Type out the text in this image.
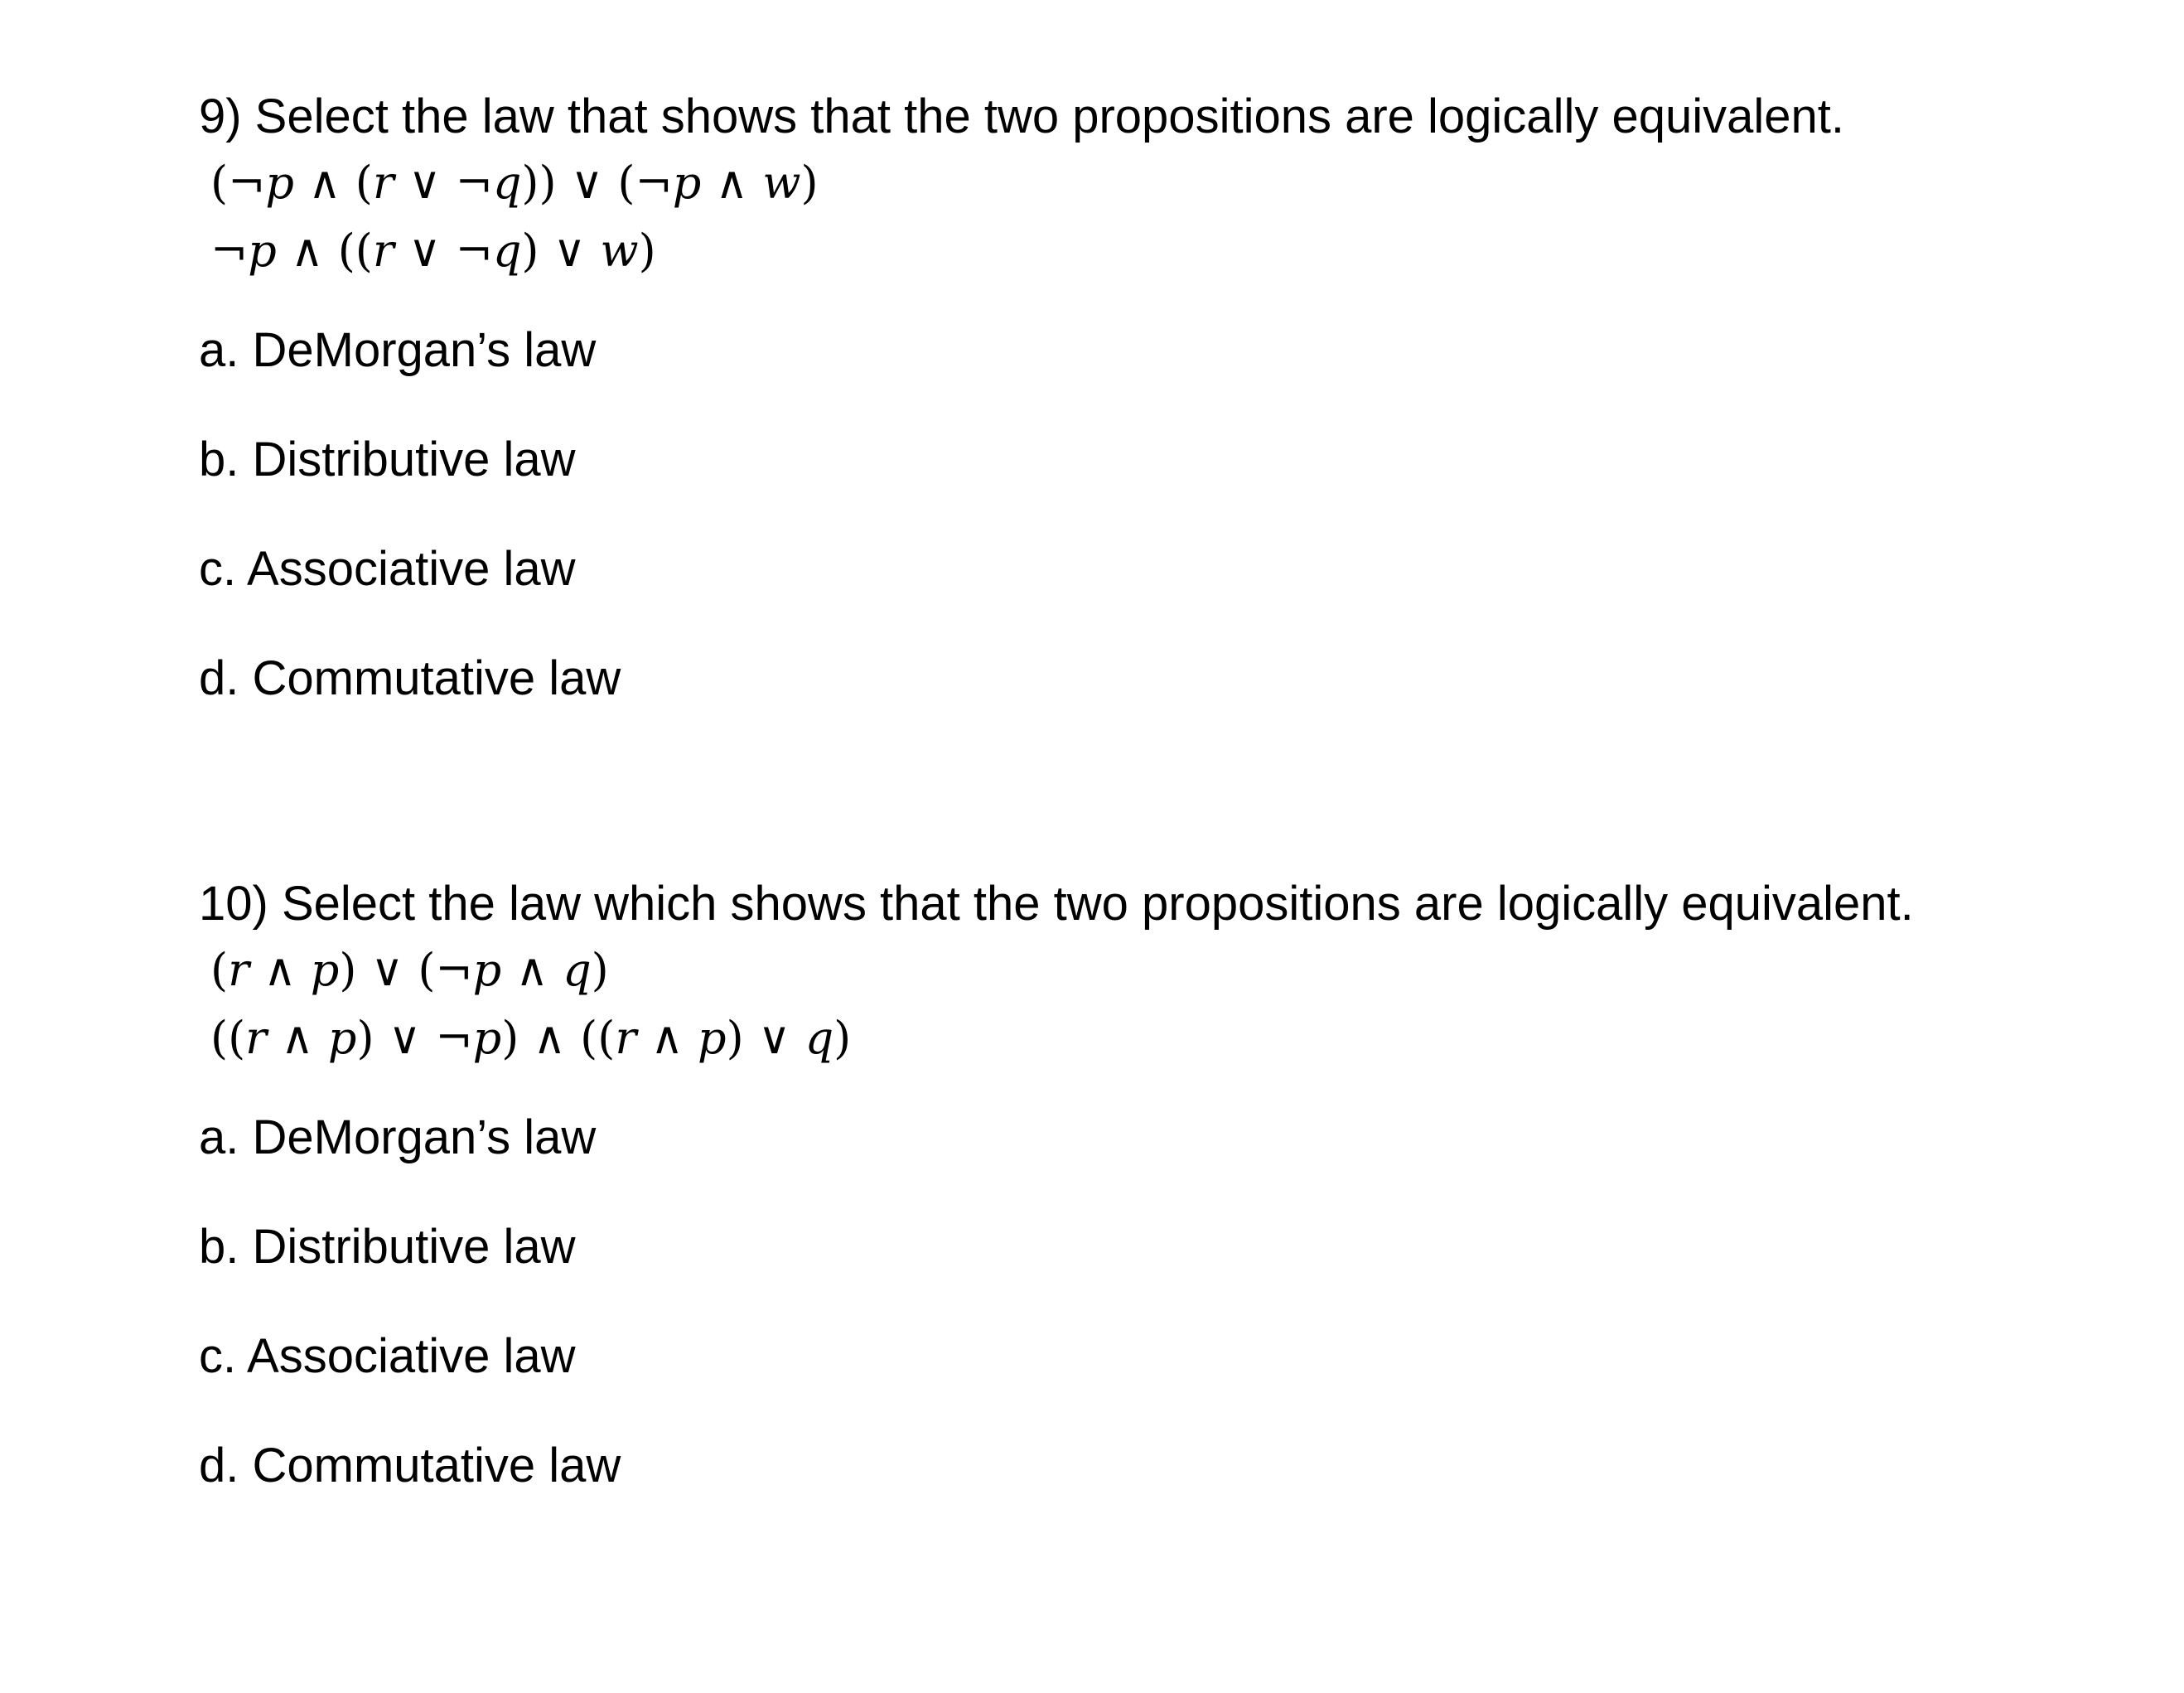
9) Select the law that shows that the two propositions are logically equivalent.

(¬p ∧ (r ∨ ¬q)) ∨ (¬p ∧ w)

¬p ∧ ((r ∨ ¬q) ∨ w)

a. DeMorgan’s law
b. Distributive law
c. Associative law
d. Commutative law

10) Select the law which shows that the two propositions are logically equivalent.

(r ∧ p) ∨ (¬p ∧ q)

((r ∧ p) ∨ ¬p) ∧ ((r ∧ p) ∨ q)

a. DeMorgan’s law
b. Distributive law
c. Associative law
d. Commutative law
